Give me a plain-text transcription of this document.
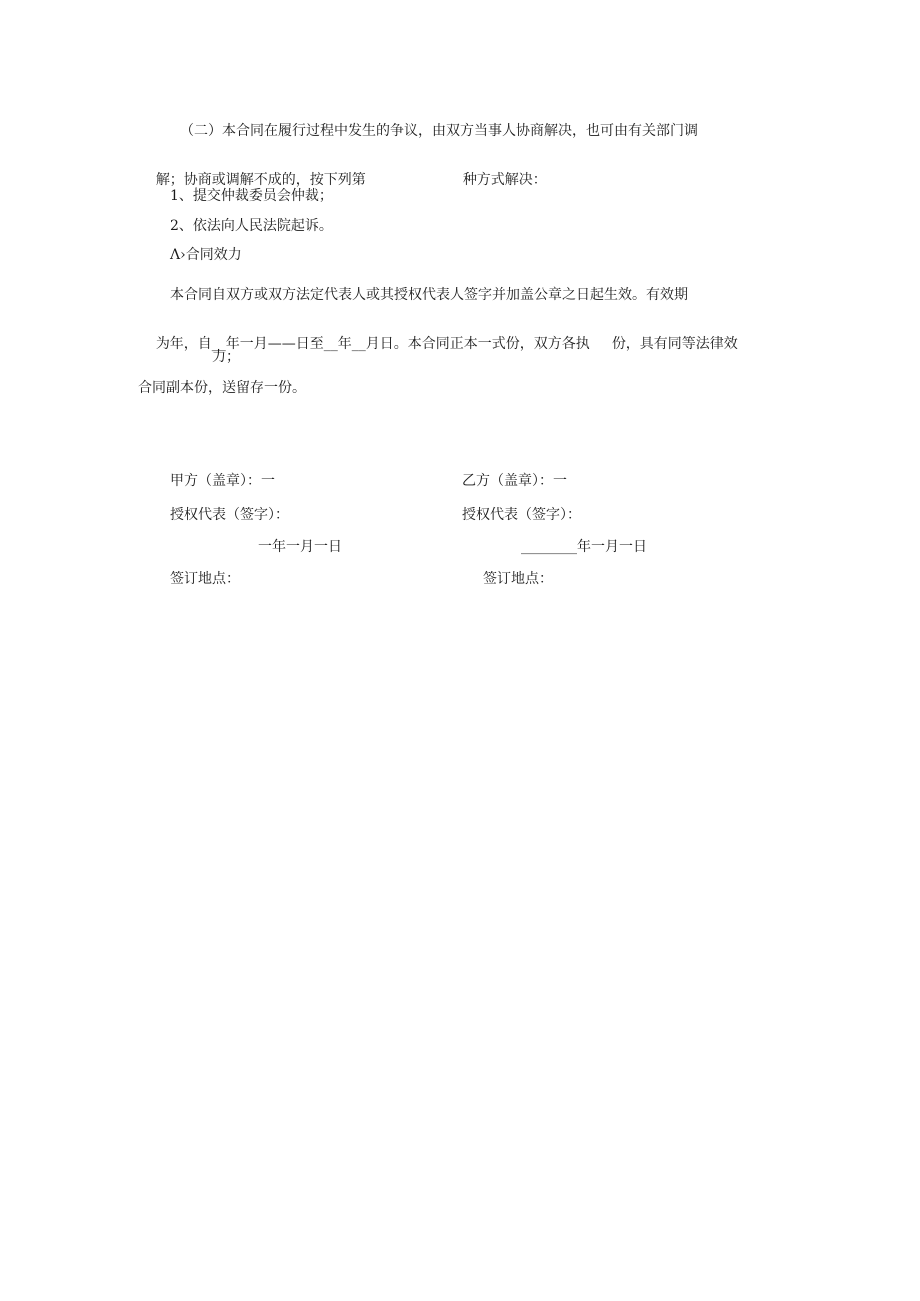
（二）本合同在履行过程中发生的争议，由双方当事人协商解决，也可由有关部门调

解；协商或调解不成的，按下列第	种方式解决：

1、提交仲裁委员会仲裁；
2、依法向人民法院起诉。
Λ›合同效力
本合同自双方或双方法定代表人或其授权代表人签字并加盖公章之日起生效。有效期

为年，自__年一月——日至__年__月日。本合同正本一式份，双方各执 份，具有同等法律效

力；
合同副本份，送留存一份。
甲方（盖章）：一
授权代表（签字）：
一年一月一日
签订地点：
乙方（盖章）：一
授权代表（签字）：
________年一月一日
签订地点：
